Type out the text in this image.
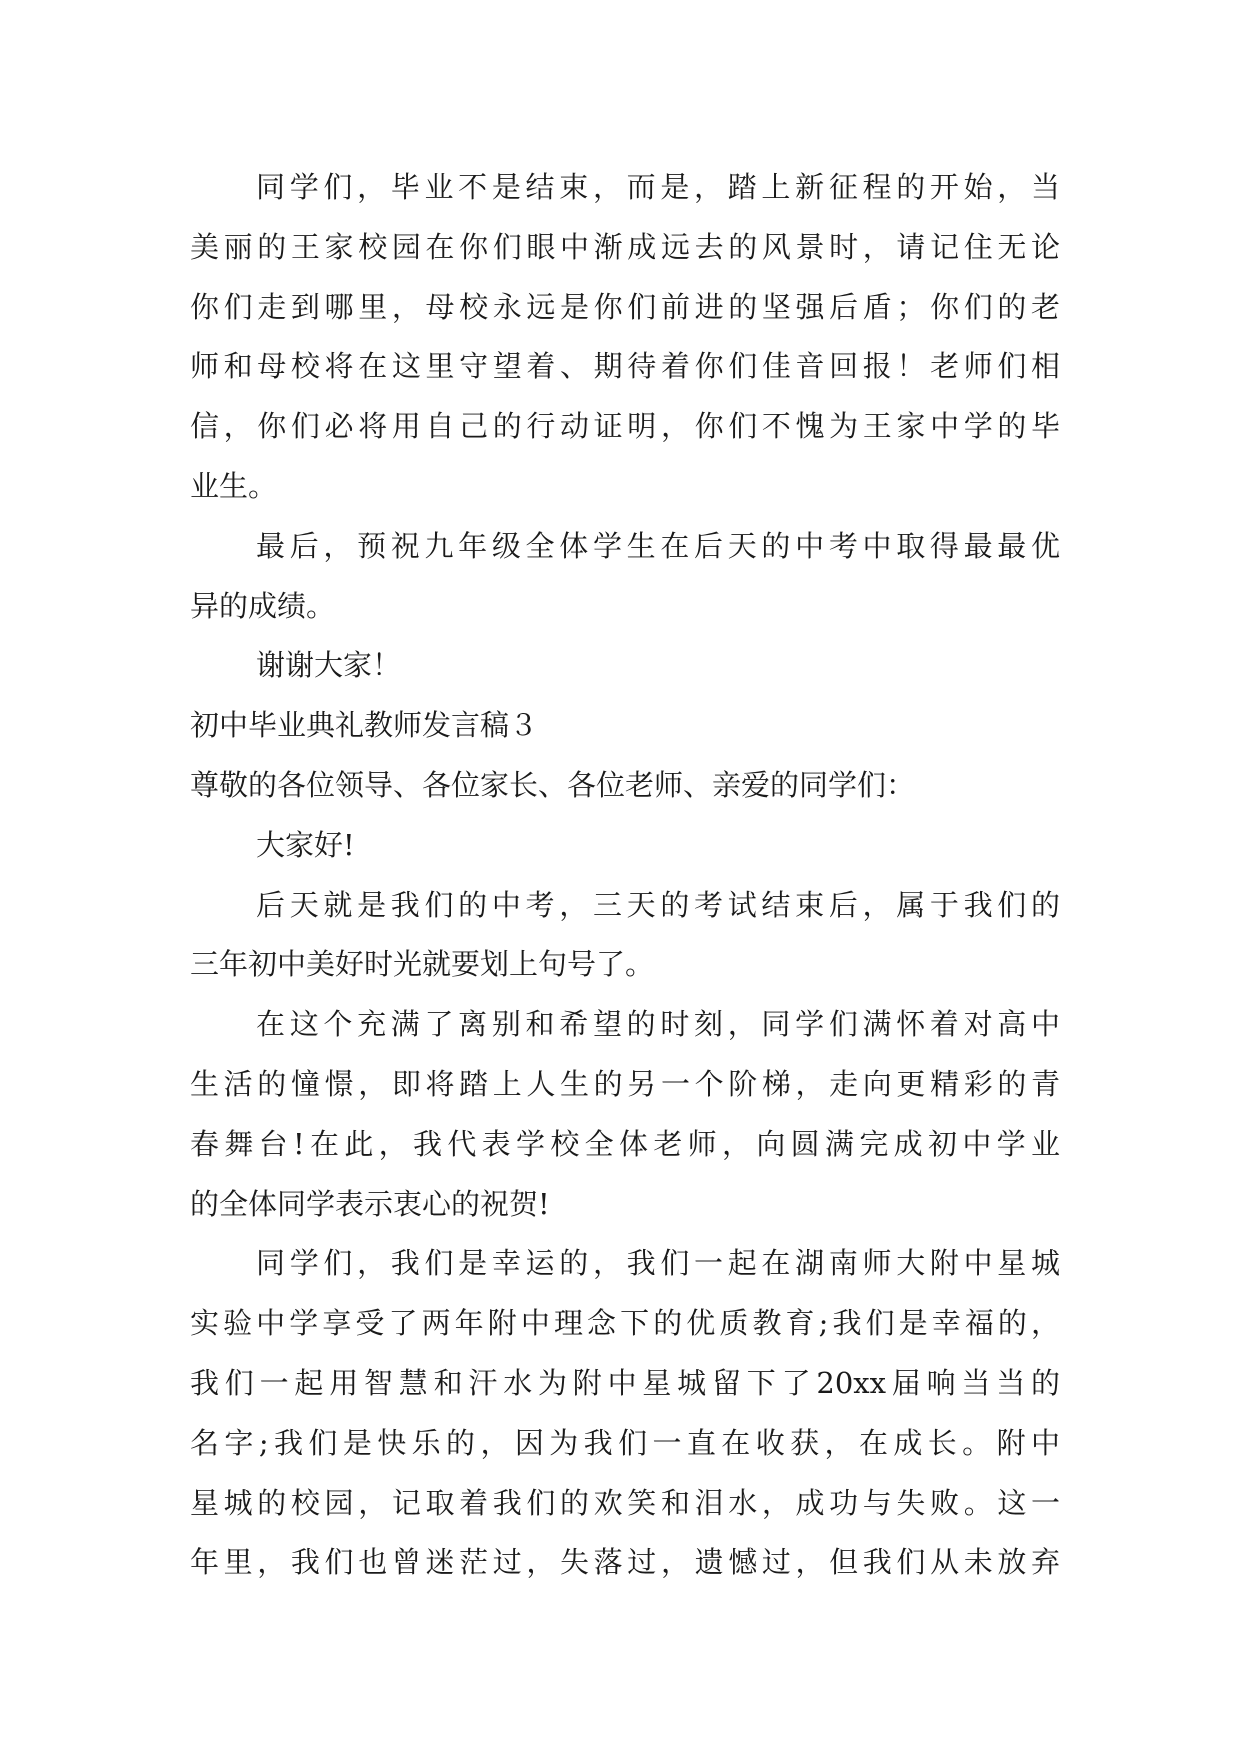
同学们，毕业不是结束，而是，踏上新征程的开始，当
美丽的王家校园在你们眼中渐成远去的风景时，请记住无论
你们走到哪里，母校永远是你们前进的坚强后盾；你们的老
师和母校将在这里守望着、期待着你们佳音回报！老师们相
信，你们必将用自己的行动证明，你们不愧为王家中学的毕
业生。
最后，预祝九年级全体学生在后天的中考中取得最最优
异的成绩。
谢谢大家！
初中毕业典礼教师发言稿３
尊敬的各位领导、各位家长、各位老师、亲爱的同学们：
大家好!
后天就是我们的中考，三天的考试结束后，属于我们的
三年初中美好时光就要划上句号了。
在这个充满了离别和希望的时刻，同学们满怀着对高中
生活的憧憬，即将踏上人生的另一个阶梯，走向更精彩的青
春舞台!在此，我代表学校全体老师，向圆满完成初中学业
的全体同学表示衷心的祝贺!
同学们，我们是幸运的，我们一起在湖南师大附中星城
实验中学享受了两年附中理念下的优质教育;我们是幸福的，
我们一起用智慧和汗水为附中星城留下了20xx届响当当的
名字;我们是快乐的，因为我们一直在收获，在成长。附中
星城的校园，记取着我们的欢笑和泪水，成功与失败。这一
年里，我们也曾迷茫过，失落过，遗憾过，但我们从未放弃
